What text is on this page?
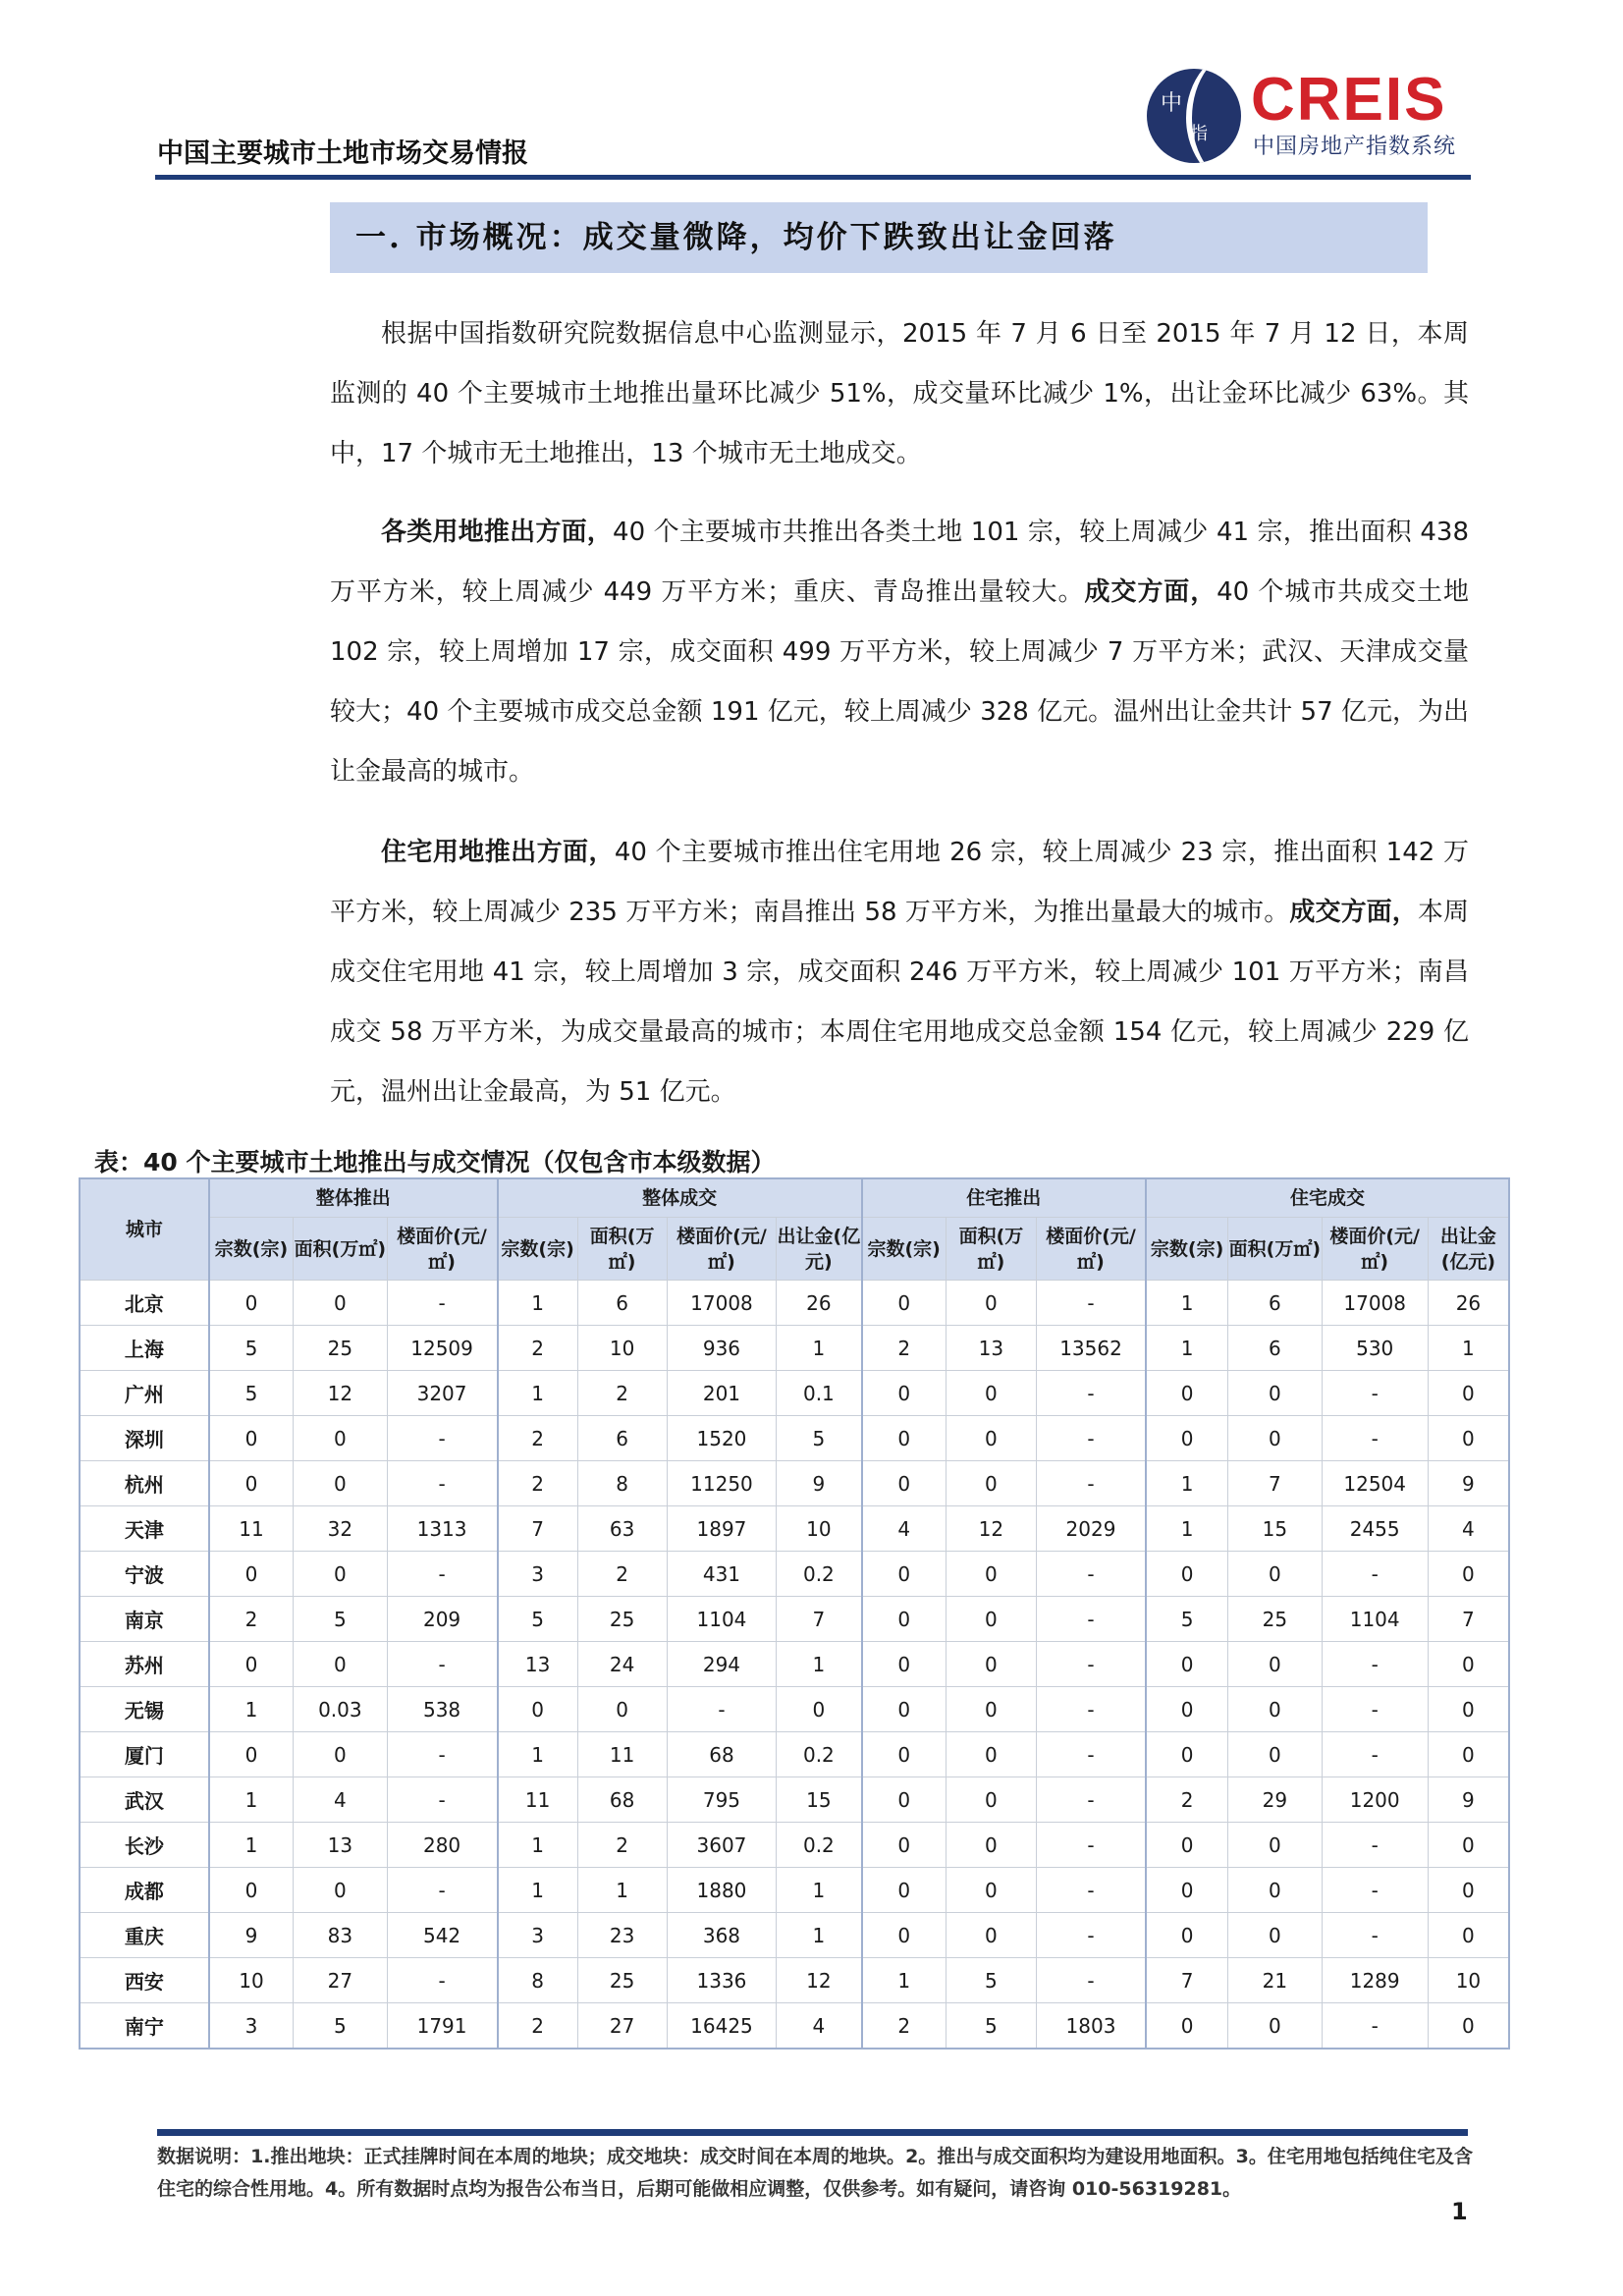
中
指
CREIS
中国房地产指数系统
中国主要城市土地市场交易情报
一. 市场概况：成交量微降，均价下跌致出让金回落
根据中国指数研究院数据信息中心监测显示，2015 年 7 月 6 日至 2015 年 7 月 12 日，本周监测的 40 个主要城市土地推出量环比减少 51%，成交量环比减少 1%，出让金环比减少 63%。其中，17 个城市无土地推出，13 个城市无土地成交。
各类用地推出方面，40 个主要城市共推出各类土地 101 宗，较上周减少 41 宗，推出面积 438 万平方米，较上周减少 449 万平方米；重庆、青岛推出量较大。成交方面，40 个城市共成交土地 102 宗，较上周增加 17 宗，成交面积 499 万平方米，较上周减少 7 万平方米；武汉、天津成交量较大；40 个主要城市成交总金额 191 亿元，较上周减少 328 亿元。温州出让金共计 57 亿元，为出让金最高的城市。
住宅用地推出方面，40 个主要城市推出住宅用地 26 宗，较上周减少 23 宗，推出面积 142 万平方米，较上周减少 235 万平方米；南昌推出 58 万平方米，为推出量最大的城市。成交方面，本周成交住宅用地 41 宗，较上周增加 3 宗，成交面积 246 万平方米，较上周减少 101 万平方米；南昌成交 58 万平方米，为成交量最高的城市；本周住宅用地成交总金额 154 亿元，较上周减少 229 亿元，温州出让金最高，为 51 亿元。
表：40 个主要城市土地推出与成交情况（仅包含市本级数据）
城市	整体推出			整体成交				住宅推出			住宅成交			
	宗数(宗)	面积(万㎡)	楼面价(元/㎡)	宗数(宗)	面积(万㎡)	楼面价(元/㎡)	出让金(亿元)	宗数(宗)	面积(万㎡)	楼面价(元/㎡)	宗数(宗)	面积(万㎡)	楼面价(元/㎡)	出让金(亿元)
北京	0	0	-	1	6	17008	26	0	0	-	1	6	17008	26
上海	5	25	12509	2	10	936	1	2	13	13562	1	6	530	1
广州	5	12	3207	1	2	201	0.1	0	0	-	0	0	-	0
深圳	0	0	-	2	6	1520	5	0	0	-	0	0	-	0
杭州	0	0	-	2	8	11250	9	0	0	-	1	7	12504	9
天津	11	32	1313	7	63	1897	10	4	12	2029	1	15	2455	4
宁波	0	0	-	3	2	431	0.2	0	0	-	0	0	-	0
南京	2	5	209	5	25	1104	7	0	0	-	5	25	1104	7
苏州	0	0	-	13	24	294	1	0	0	-	0	0	-	0
无锡	1	0.03	538	0	0	-	0	0	0	-	0	0	-	0
厦门	0	0	-	1	11	68	0.2	0	0	-	0	0	-	0
武汉	1	4	-	11	68	795	15	0	0	-	2	29	1200	9
长沙	1	13	280	1	2	3607	0.2	0	0	-	0	0	-	0
成都	0	0	-	1	1	1880	1	0	0	-	0	0	-	0
重庆	9	83	542	3	23	368	1	0	0	-	0	0	-	0
西安	10	27	-	8	25	1336	12	1	5	-	7	21	1289	10
南宁	3	5	1791	2	27	16425	4	2	5	1803	0	0	-	0
数据说明：1.推出地块：正式挂牌时间在本周的地块；成交地块：成交时间在本周的地块。2。推出与成交面积均为建设用地面积。3。住宅用地包括纯住宅及含住宅的综合性用地。4。所有数据时点均为报告公布当日，后期可能做相应调整，仅供参考。如有疑问，请咨询 010-56319281。
1
